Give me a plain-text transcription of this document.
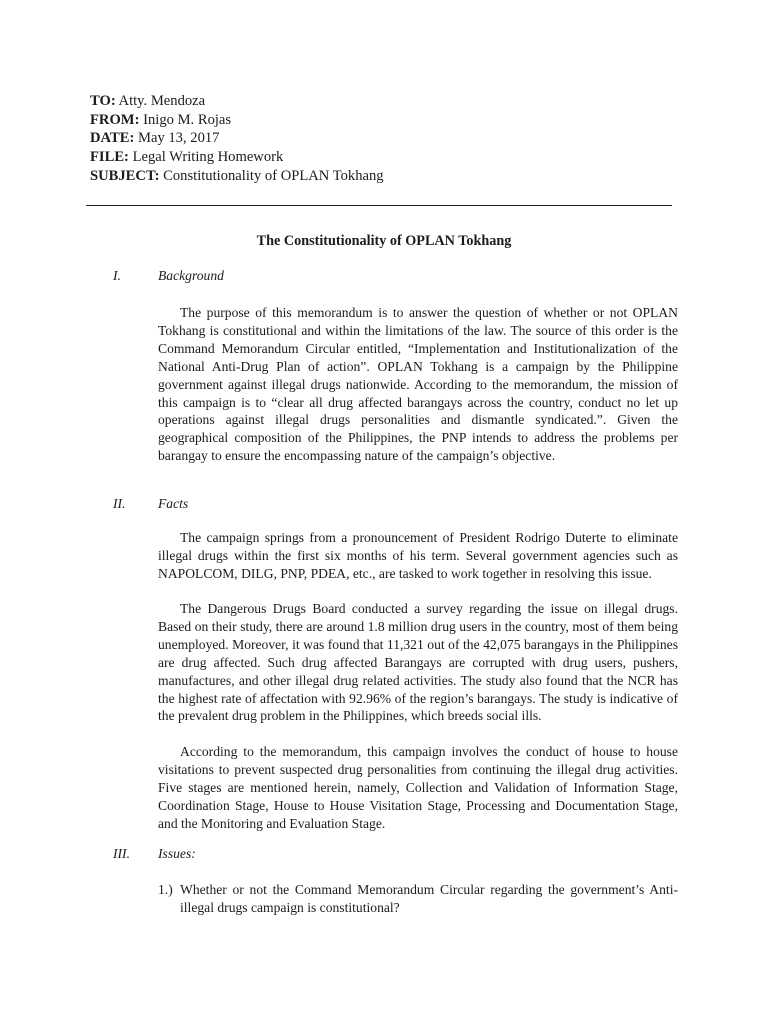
TO: Atty. Mendoza
FROM: Inigo M. Rojas
DATE: May 13, 2017
FILE: Legal Writing Homework
SUBJECT: Constitutionality of OPLAN Tokhang
The Constitutionality of OPLAN Tokhang
I.	Background
The purpose of this memorandum is to answer the question of whether or not OPLAN Tokhang is constitutional and within the limitations of the law. The source of this order is the Command Memorandum Circular entitled, “Implementation and Institutionalization of the National Anti-Drug Plan of action”. OPLAN Tokhang is a campaign by the Philippine government against illegal drugs nationwide. According to the memorandum, the mission of this campaign is to “clear all drug affected barangays across the country, conduct no let up operations against illegal drugs personalities and dismantle syndicated.”. Given the geographical composition of the Philippines, the PNP intends to address the problems per barangay to ensure the encompassing nature of the campaign’s objective.
II. Facts
The campaign springs from a pronouncement of President Rodrigo Duterte to eliminate illegal drugs within the first six months of his term. Several government agencies such as NAPOLCOM, DILG, PNP, PDEA, etc., are tasked to work together in resolving this issue.
The Dangerous Drugs Board conducted a survey regarding the issue on illegal drugs. Based on their study, there are around 1.8 million drug users in the country, most of them being unemployed. Moreover, it was found that 11,321 out of the 42,075 barangays in the Philippines are drug affected. Such drug affected Barangays are corrupted with drug users, pushers, manufactures, and other illegal drug related activities. The study also found that the NCR has the highest rate of affectation with 92.96% of the region’s barangays. The study is indicative of the prevalent drug problem in the Philippines, which breeds social ills.
According to the memorandum, this campaign involves the conduct of house to house visitations to prevent suspected drug personalities from continuing the illegal drug activities. Five stages are mentioned herein, namely, Collection and Validation of Information Stage, Coordination Stage, House to House Visitation Stage, Processing and Documentation Stage, and the Monitoring and Evaluation Stage.
III. Issues:
1.) Whether or not the Command Memorandum Circular regarding the government’s Anti-illegal drugs campaign is constitutional?
